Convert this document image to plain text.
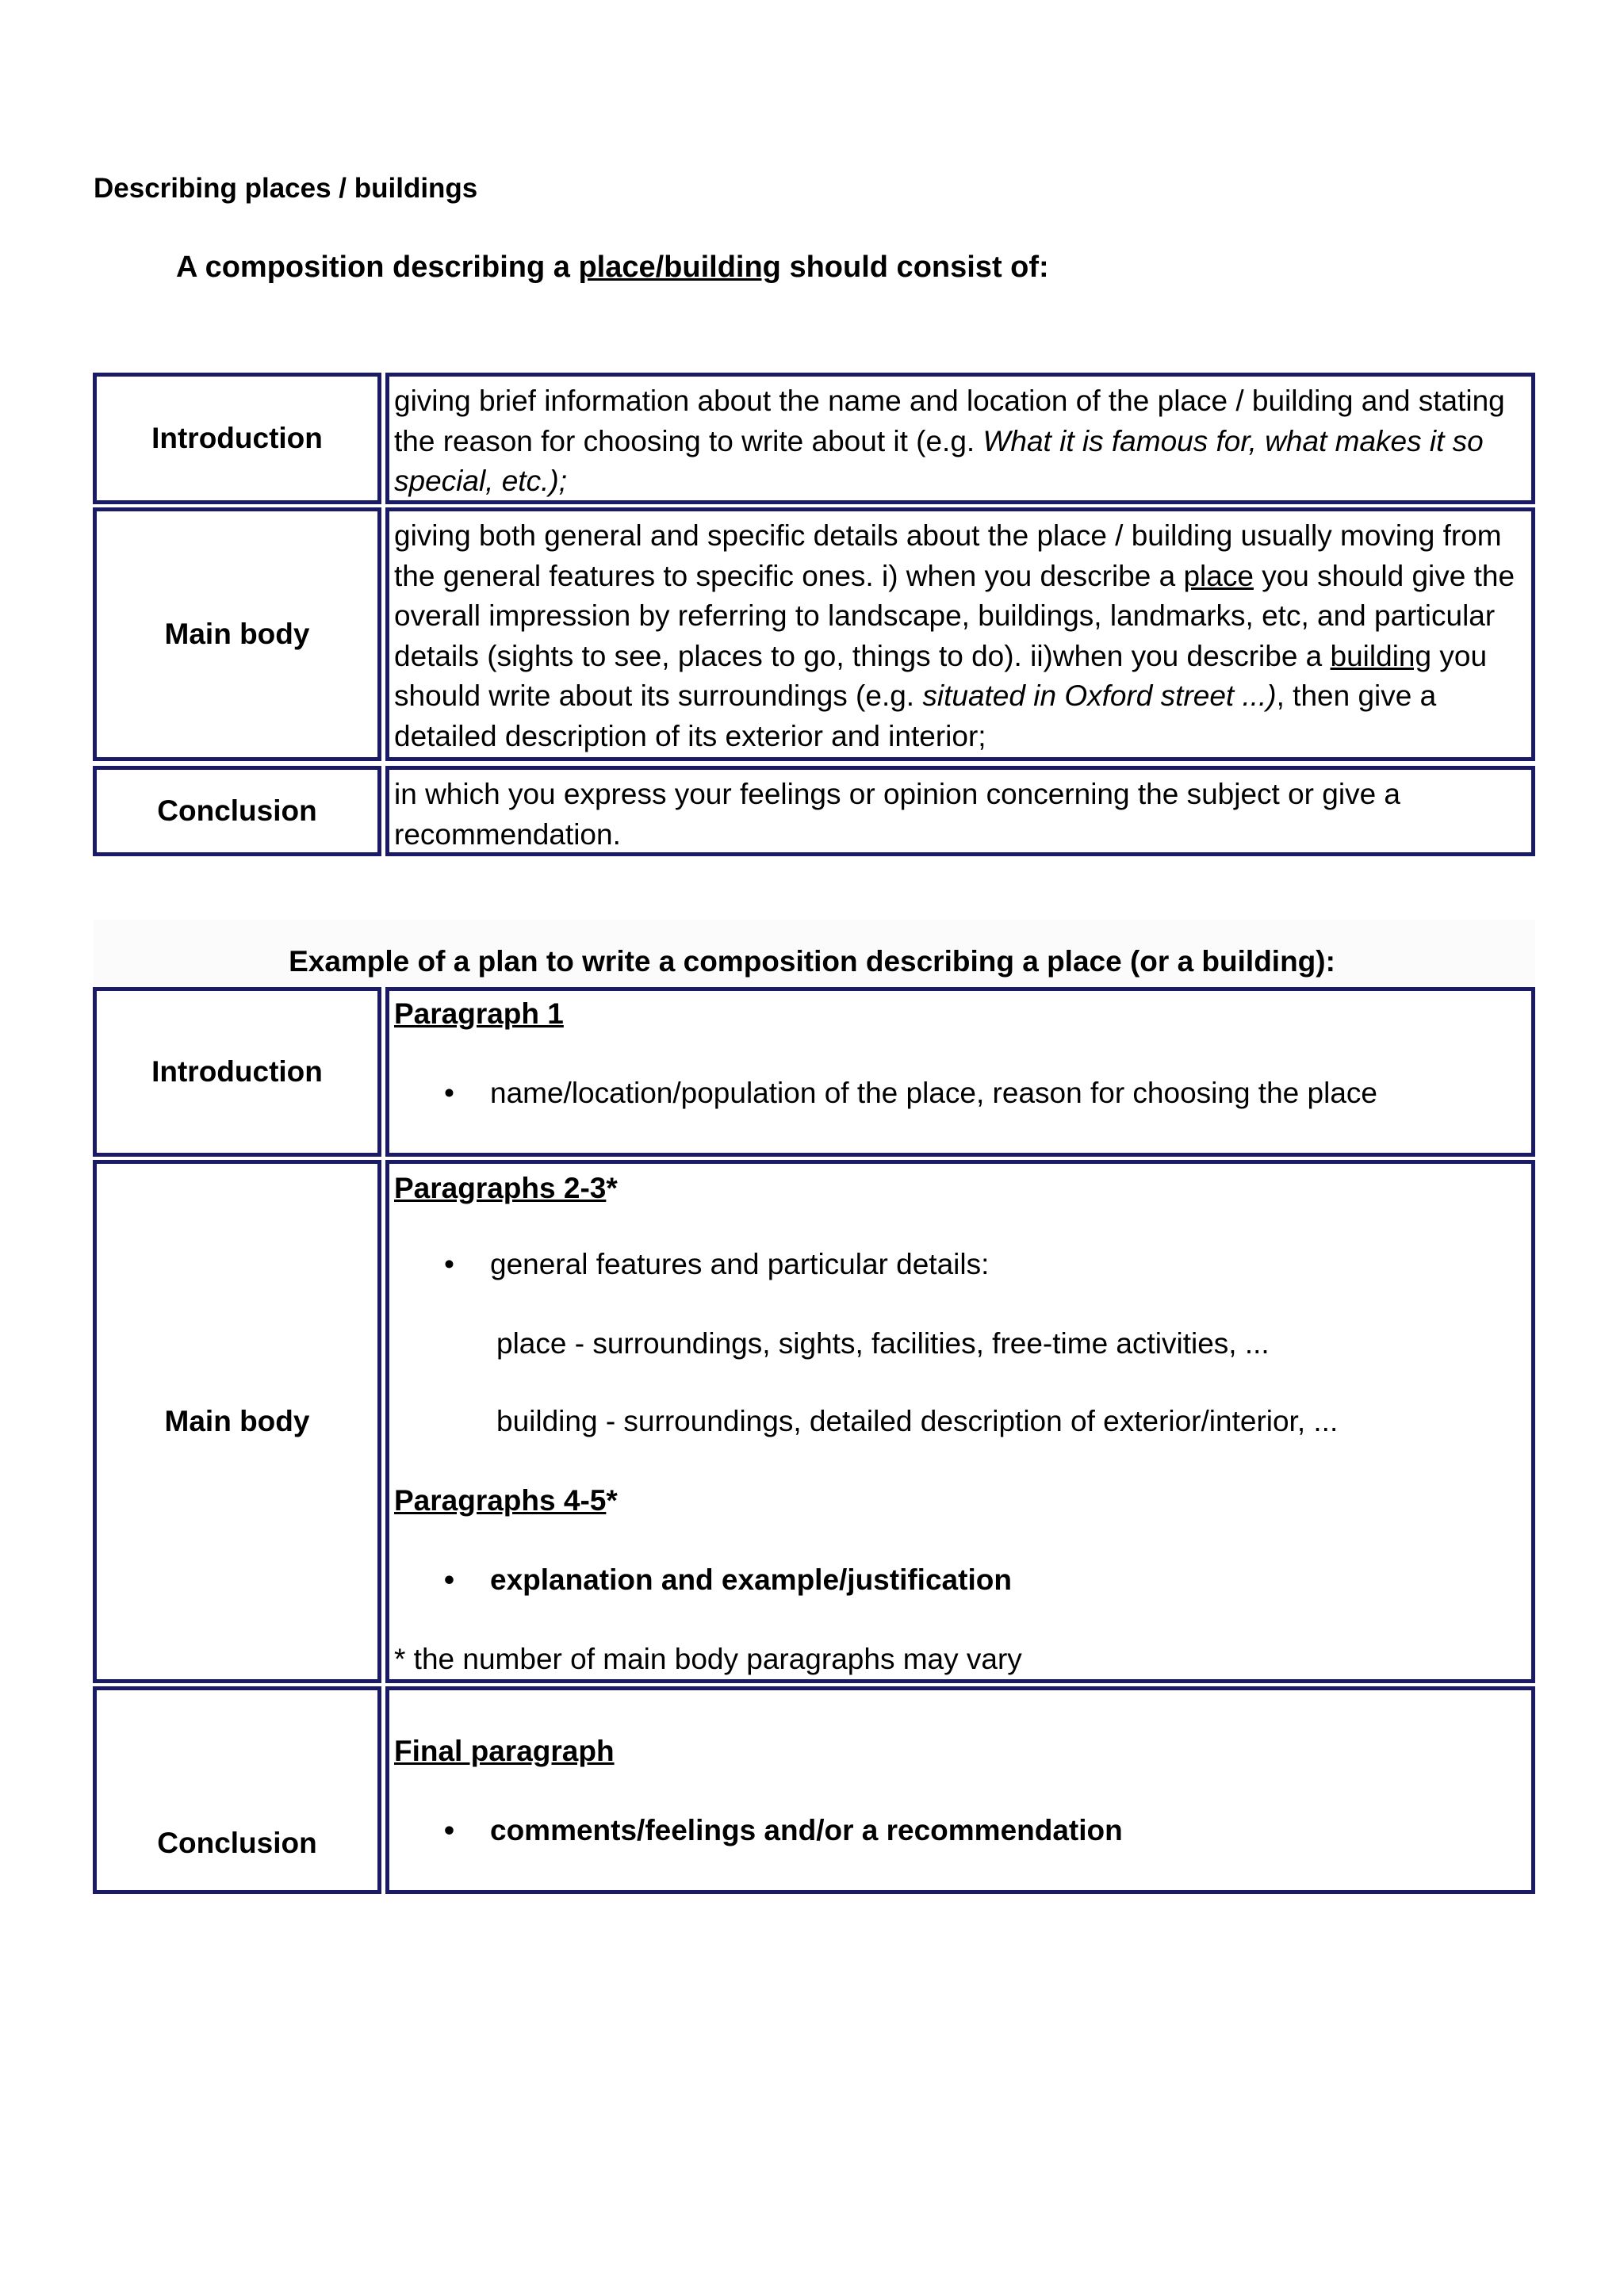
Describing places / buildings
A composition describing a place/building should consist of:
Introduction
giving brief information about the name and location of the place / building and stating the reason for choosing to write about it (e.g. What it is famous for, what makes it so special, etc.);
Main body
giving both general and specific details about the place / building usually moving from the general features to specific ones. i) when you describe a place you should give the overall impression by referring to landscape, buildings, landmarks, etc, and particular details (sights to see, places to go, things to do). ii)when you describe a building you should write about its surroundings (e.g. situated in Oxford street ...), then give a detailed description of its exterior and interior;
Conclusion
in which you express your feelings or opinion concerning the subject or give a recommendation.
Example of a plan to write a composition describing a place (or a building):
Introduction
Paragraph 1
• name/location/population of the place, reason for choosing the place
Main body
Paragraphs 2-3*
• general features and particular details:
place - surroundings, sights, facilities, free-time activities, ...
building - surroundings, detailed description of exterior/interior, ...
Paragraphs 4-5*
• explanation and example/justification
* the number of main body paragraphs may vary
Conclusion
Final paragraph
• comments/feelings and/or a recommendation
